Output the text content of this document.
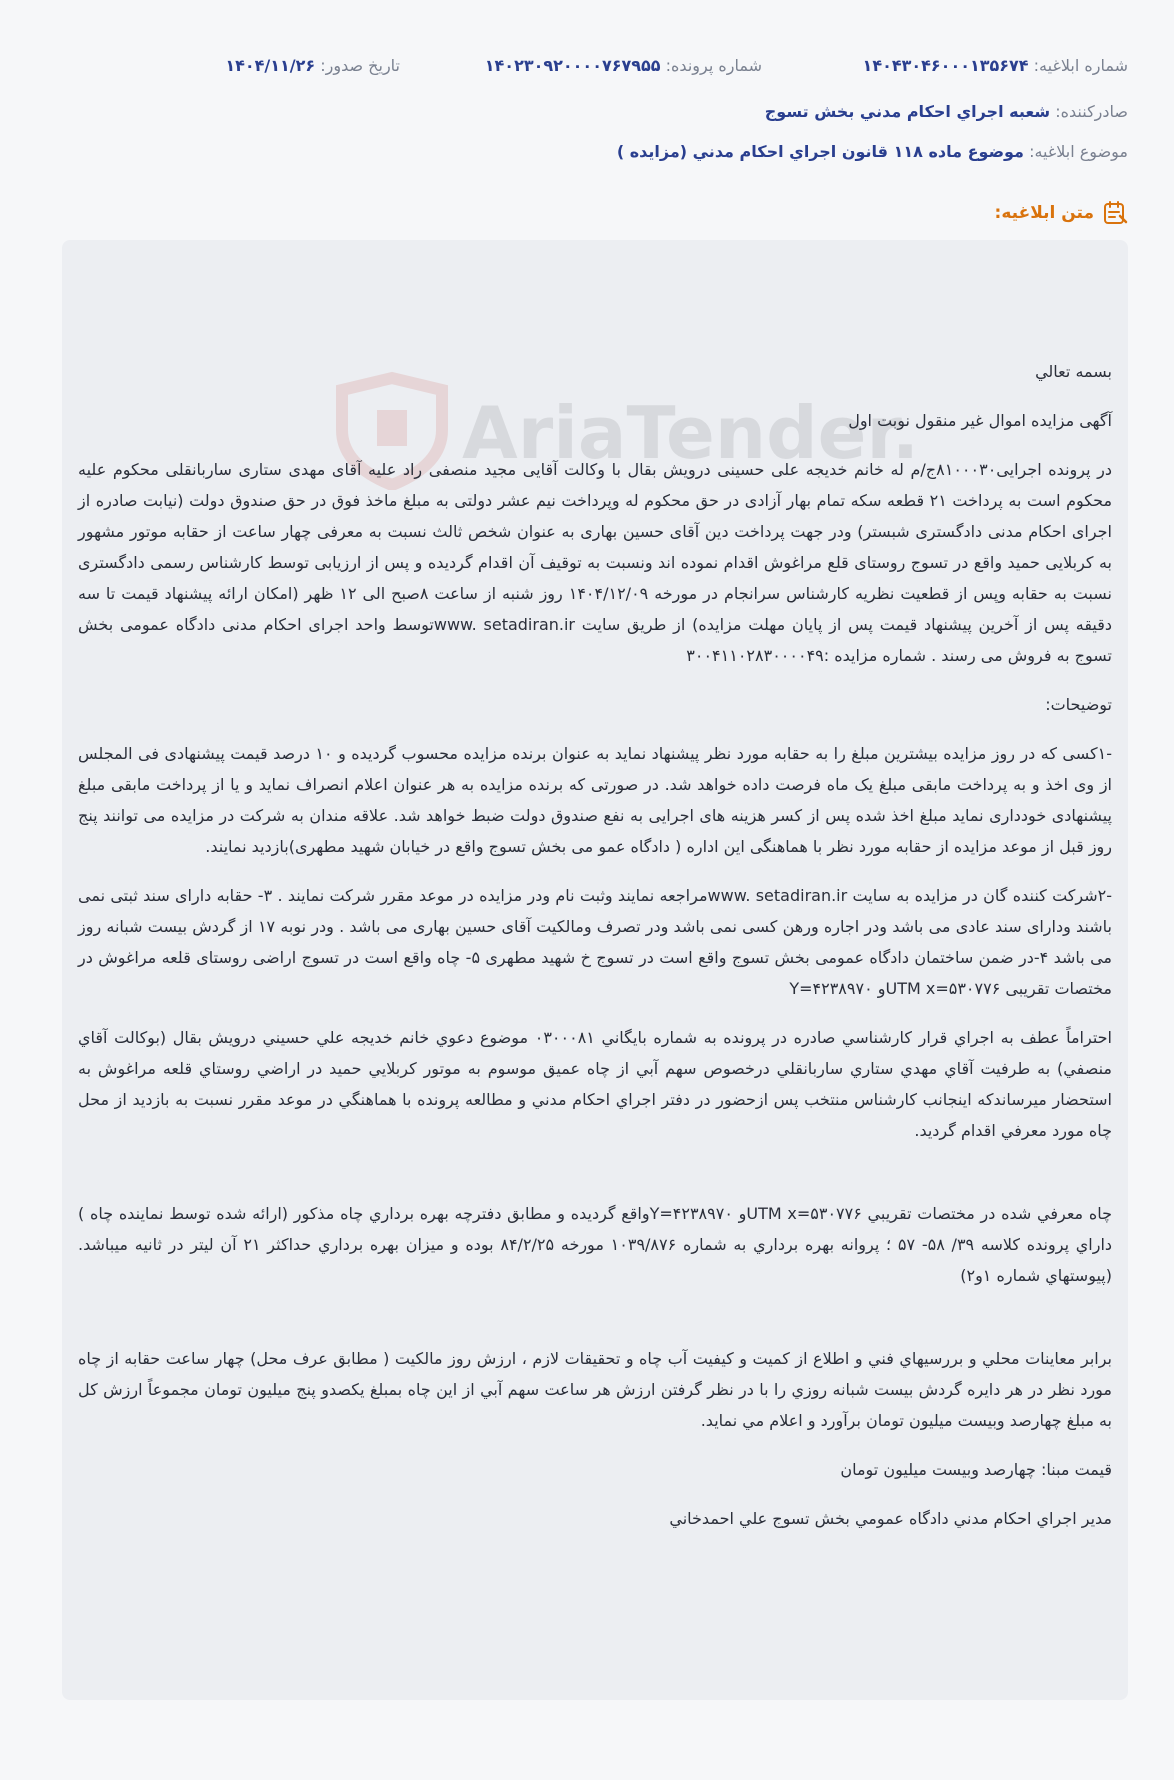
شماره ابلاغيه: ۱۴۰۴۳۰۴۶۰۰۰۱۳۵۶۷۴
شماره پرونده: ۱۴۰۲۳۰۹۲۰۰۰۰۷۶۷۹۵۵
تاريخ صدور: ۱۴۰۴/۱۱/۲۶
صادرکننده: شعبه اجراي احکام مدني بخش تسوج
موضوع ابلاغيه: موضوع ماده ۱۱۸ قانون اجراي احکام مدني (مزايده )
متن ابلاغيه:
AriaTender.

بسمه تعالي

آگهی مزایده اموال غیر منقول نوبت اول

در پرونده اجرایی۸۱۰۰۰۳۰ج/م له خانم خدیجه علی حسینی درویش بقال با وکالت آقایی مجید منصفی راد علیه آقای مهدی ستاری ساربانقلی محکوم علیه محکوم است به پرداخت ۲۱ قطعه سکه تمام بهار آزادی در حق محکوم له وپرداخت نیم عشر دولتی به مبلغ ماخذ فوق در حق صندوق دولت (نیابت صادره از اجرای احکام مدنی دادگستری شبستر) ودر جهت پرداخت دین آقای حسین بهاری به عنوان شخص ثالث نسبت به معرفی چهار ساعت از حقابه موتور مشهور به کربلایی حمید واقع در تسوج روستای قلع مراغوش اقدام نموده اند ونسبت به توقیف آن اقدام گردیده و پس از ارزیابی توسط کارشناس رسمی دادگستری نسبت به حقابه وپس از قطعیت نظریه کارشناس سرانجام در مورخه ۱۴۰۴/۱۲/۰۹ روز شنبه از ساعت ۸صبح الی ۱۲ ظهر (امکان ارائه پیشنهاد قیمت تا سه دقیقه پس از آخرین پیشنهاد قیمت پس از پایان مهلت مزایده) از طریق سایت www. setadiran.irتوسط واحد اجرای احکام مدنی دادگاه عمومی بخش تسوج به فروش می رسند . شماره مزایده :۳۰۰۴۱۱۰۲۸۳۰۰۰۰۴۹

توضیحات:

-۱کسی که در روز مزایده بیشترین مبلغ را به حقابه مورد نظر پیشنهاد نماید به عنوان برنده مزایده محسوب گردیده و ۱۰ درصد قیمت پیشنهادی فی المجلس از وی اخذ و به پرداخت مابقی مبلغ یک ماه فرصت داده خواهد شد. در صورتی که برنده مزایده به هر عنوان اعلام انصراف نماید و یا از پرداخت مابقی مبلغ پیشنهادی خودداری نماید مبلغ اخذ شده پس از کسر هزینه های اجرایی به نفع صندوق دولت ضبط خواهد شد. علاقه مندان به شرکت در مزایده می توانند پنج روز قبل از موعد مزایده از حقابه مورد نظر با هماهنگی این اداره ( دادگاه عمو می بخش تسوج واقع در خیابان شهید مطهری)بازدید نمایند.

-۲شرکت کننده گان در مزایده به سایت www. setadiran.irمراجعه نمایند وثبت نام ودر مزایده در موعد مقرر شرکت نمایند . ۳- حقابه دارای سند ثبتی نمی باشند ودارای سند عادی می باشد ودر اجاره ورهن کسی نمی باشد ودر تصرف ومالکیت آقای حسین بهاری می باشد . ودر نوبه ۱۷ از گردش بیست شبانه روز می باشد ۴-در ضمن ساختمان دادگاه عمومی بخش تسوج واقع است در تسوج خ شهید مطهری ۵- چاه واقع است در تسوج اراضی روستای قلعه مراغوش در مختصات تقریبی UTM x=۵۳۰۷۷۶و Y=۴۲۳۸۹۷۰

احتراماً عطف به اجراي قرار كارشناسي صادره در پرونده به شماره بايگاني ۰۳۰۰۰۸۱ موضوع دعوي خانم خديجه علي حسيني درويش بقال (بوكالت آقاي منصفي) به طرفيت آقاي مهدي ستاري ساربانقلي درخصوص سهم آبي از چاه عميق موسوم به موتور كربلايي حميد در اراضي روستاي قلعه مراغوش به استحضار ميرساندكه اينجانب كارشناس منتخب پس ازحضور در دفتر اجراي احكام مدني و مطالعه پرونده با هماهنگي در موعد مقرر نسبت به بازديد از محل چاه مورد معرفي اقدام گرديد.

چاه معرفي شده در مختصات تقريبي UTM x=۵۳۰۷۷۶و Y=۴۲۳۸۹۷۰واقع گرديده و مطابق دفترچه بهره برداري چاه مذكور (ارائه شده توسط نماينده چاه ) داراي پرونده كلاسه ۳۹/ ۵۸- ۵۷ ؛ پروانه بهره برداري به شماره ۱۰۳۹/۸۷۶ مورخه ۸۴/۲/۲۵ بوده و ميزان بهره برداري حداكثر ۲۱ آن ليتر در ثانيه ميباشد.(پيوستهاي شماره ۱و۲)

برابر معاينات محلي و بررسيهاي فني و اطلاع از كميت و كيفيت آب چاه و تحقيقات لازم ، ارزش روز مالكيت ( مطابق عرف محل) چهار ساعت حقابه از چاه مورد نظر در هر دايره گردش بيست شبانه روزي را با در نظر گرفتن ارزش هر ساعت سهم آبي از اين چاه بمبلغ يكصدو پنج ميليون تومان مجموعاً ارزش كل به مبلغ چهارصد وبيست ميليون تومان برآورد و اعلام مي نمايد.

قيمت مبنا: چهارصد وبيست ميليون تومان

مدير اجراي احكام مدني دادگاه عمومي بخش تسوج علي احمدخاني
